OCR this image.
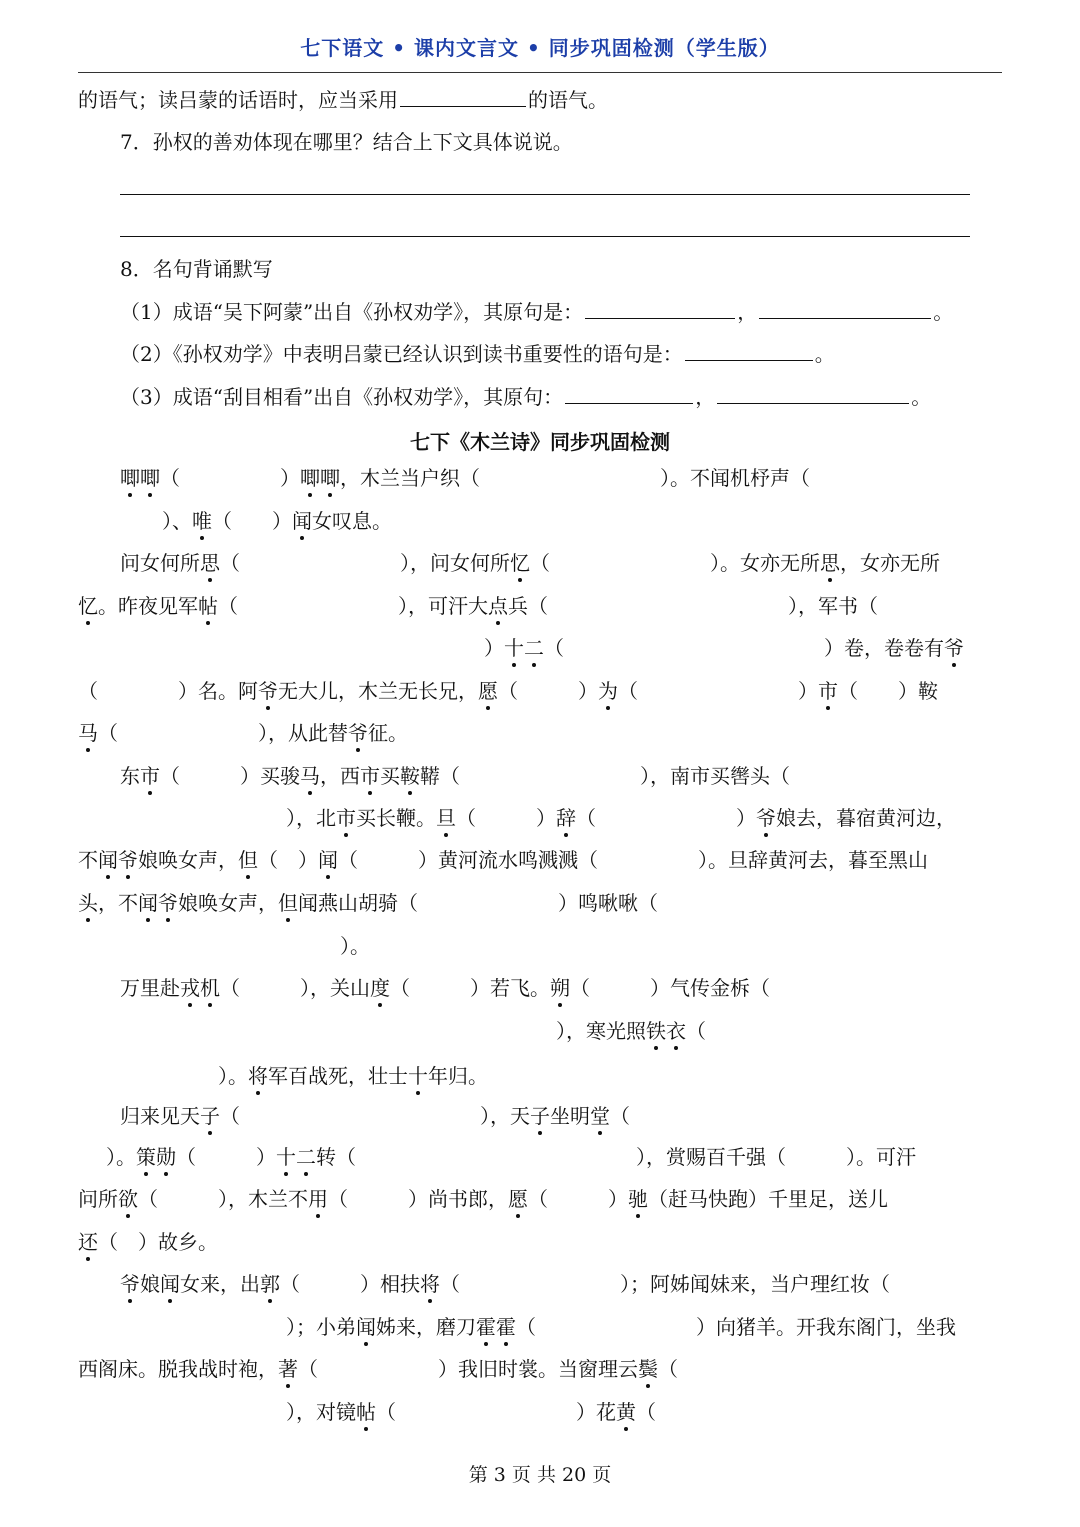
七下语文 • 课内文言文 • 同步巩固检测（学生版）
的语气；读吕蒙的话语时，应当采用	的语气。
7．孙权的善劝体现在哪里？结合上下文具体说说。
8．名句背诵默写
（1）成语“吴下阿蒙”出自《孙权劝学》，其原句是：	，	。
（2）《孙权劝学》中表明吕蒙已经认识到读书重要性的语句是：	。
（3）成语“刮目相看”出自《孙权劝学》，其原句：	，	。
七下《木兰诗》同步巩固检测
唧唧（　　　　　	）唧唧，木兰当户织（　　　　　　　　　	）。不闻机杼声（
）、唯（　　 ）闻女叹息。
问女何所思（　　　　　　　　	），问女何所忆（　　　　　　　　	）。女亦无所思，女亦无所
忆。昨夜见军帖（　　　　　　　　	），可汗大点兵（　　　　　　　　　　　　	），军书（
）十二（　　　　　　　　　　　　　	）卷，卷卷有爷
（　　　　	）名。阿爷无大儿，木兰无长兄，愿（　　　	）为（　　　　　　　　	）市（　　 ）鞍
马（　　　　　　　	），从此替爷征。
东市（　　　	）买骏马，西市买鞍鞯（　　　　　　　　　	），南市买辔头（
），北市买长鞭。旦（　　　	）辞（　　　　　　　	）爷娘去，暮宿黄河边，
不闻爷娘唤女声，但（　 ）闻（　　　	）黄河流水鸣溅溅（　　　　　	）。旦辞黄河去，暮至黑山
头，不闻爷娘唤女声，但闻燕山胡骑（　　　　　　　	）鸣啾啾（
）。
万里赴戎机（　　　	），关山度（　　　	）若飞。朔（　　　	）气传金柝（
），寒光照铁衣（
）。将军百战死，壮士十年归。
归来见天子（　　　　　　　　　　　　	），天子坐明堂（
）。策勋（　　　	）十二转（　　　　　　　　　　　　　　	），赏赐百千强（　　　	）。可汗
问所欲（　　　	），木兰不用（　　　	）尚书郎，愿（　　　	）驰（赶马快跑）千里足，送儿
还（　 ）故乡。
爷娘闻女来，出郭（　　　	）相扶将（　　　　　　　　	）；阿姊闻妹来，当户理红妆（
）；小弟闻姊来，磨刀霍霍（　　　　　　　　	）向猪羊。开我东阁门，坐我
西阁床。脱我战时袍，著（　　　　　　	）我旧时裳。当窗理云鬓（
），对镜帖（　　　　　　　　　	）花黄（
第 3 页 共 20 页
